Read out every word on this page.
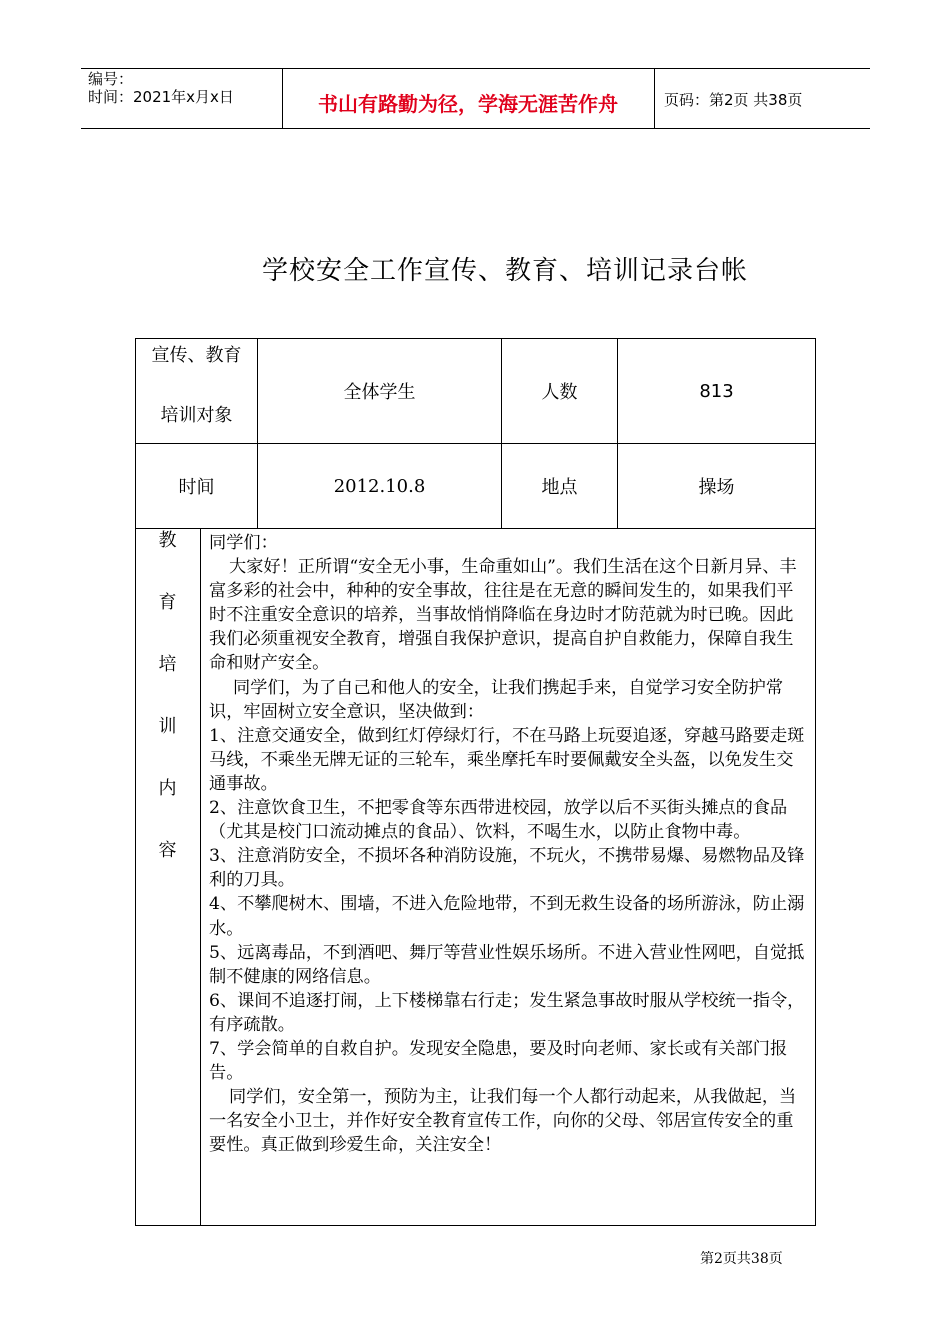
编号：
时间：2021年x月x日	书山有路勤为径，学海无涯苦作舟	页码：第2页 共38页
学校安全工作宣传、教育、培训记录台帐
宣传、教育
培训对象
全体学生	人数	813
时间	2012.10.8	地点	操场
教
育
培
训
内
容

同学们：

大家好！正所谓“安全无小事，生命重如山”。我们生活在这个日新月异、丰富多彩的社会中，种种的安全事故，往往是在无意的瞬间发生的，如果我们平时不注重安全意识的培养，当事故悄悄降临在身边时才防范就为时已晚。因此我们必须重视安全教育，增强自我保护意识，提高自护自救能力，保障自我生命和财产安全。

同学们，为了自己和他人的安全，让我们携起手来，自觉学习安全防护常识，牢固树立安全意识，坚决做到：

1、注意交通安全，做到红灯停绿灯行，不在马路上玩耍追逐，穿越马路要走斑马线，不乘坐无牌无证的三轮车，乘坐摩托车时要佩戴安全头盔，以免发生交通事故。

2、注意饮食卫生，不把零食等东西带进校园，放学以后不买街头摊点的食品（尤其是校门口流动摊点的食品）、饮料，不喝生水，以防止食物中毒。

3、注意消防安全，不损坏各种消防设施，不玩火，不携带易爆、易燃物品及锋利的刀具。

4、不攀爬树木、围墙，不进入危险地带，不到无救生设备的场所游泳，防止溺水。

5、远离毒品，不到酒吧、舞厅等营业性娱乐场所。不进入营业性网吧，自觉抵制不健康的网络信息。

6、课间不追逐打闹，上下楼梯靠右行走；发生紧急事故时服从学校统一指令，有序疏散。

7、学会简单的自救自护。发现安全隐患，要及时向老师、家长或有关部门报告。

同学们，安全第一，预防为主，让我们每一个人都行动起来，从我做起，当一名安全小卫士，并作好安全教育宣传工作，向你的父母、邻居宣传安全的重要性。真正做到珍爱生命，关注安全！

第2页共38页
